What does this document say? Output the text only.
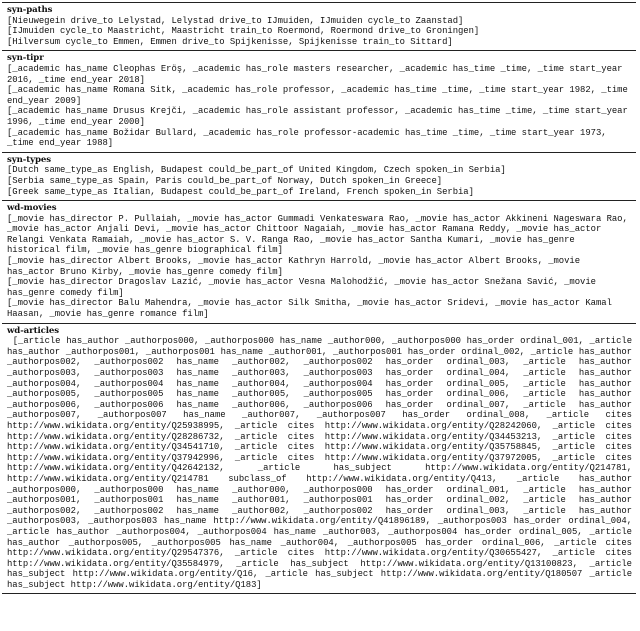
syn-paths
[Nieuwegein drive_to Lelystad, Lelystad drive_to IJmuiden, IJmuiden cycle_to Zaanstad]
[IJmuiden cycle_to Maastricht, Maastricht train_to Roermond, Roermond drive_to Groningen]
[Hilversum cycle_to Emmen, Emmen drive_to Spijkenisse, Spijkenisse train_to Sittard]
syn-tipr
[_academic has_name Cleophas Eröş, _academic has_role masters researcher, _academic has_time _time, _time start_year 2016, _time end_year 2018]
[_academic has_name Romana Sitk, _academic has_role professor, _academic has_time _time, _time start_year 1982, _time end_year 2009]
[_academic has_name Drusus Krejči, _academic has_role assistant professor, _academic has_time _time, _time start_year 1996, _time end_year 2000]
[_academic has_name Božidar Bullard, _academic has_role professor-academic has_time _time, _time start_year 1973, _time end_year 1988]
syn-types
[Dutch same_type_as English, Budapest could_be_part_of United Kingdom, Czech spoken_in Serbia]
[Serbia same_type_as Spain, Paris could_be_part_of Norway, Dutch spoken_in Greece]
[Greek same_type_as Italian, Budapest could_be_part_of Ireland, French spoken_in Serbia]
wd-movies
[_movie has_director P. Pullaiah, _movie has_actor Gummadi Venkateswara Rao, _movie has_actor Akkineni Nageswara Rao, _movie has_actor Anjali Devi, _movie has_actor Chittoor Nagaiah, _movie has_actor Ramana Reddy, _movie has_actor Relangi Venkata Ramaiah, _movie has_actor S. V. Ranga Rao, _movie has_actor Santha Kumari, _movie has_genre historical film, _movie has_genre biographical film]
[_movie has_director Albert Brooks, _movie has_actor Kathryn Harrold, _movie has_actor Albert Brooks, _movie has_actor Bruno Kirby, _movie has_genre comedy film]
[_movie has_director Dragoslav Lazić, _movie has_actor Vesna Malohodžić, _movie has_actor Snežana Savić, _movie has_genre comedy film]
[_movie has_director Balu Mahendra, _movie has_actor Silk Smitha, _movie has_actor Sridevi, _movie has_actor Kamal Haasan, _movie has_genre romance film]
wd-articles
[_article has_author _authorpos000, _authorpos000 has_name _author000, _authorpos000 has_order ordinal_001, _article has_author _authorpos001, _authorpos001 has_name _author001, _authorpos001 has_order ordinal_002, _article has_author _authorpos002, _authorpos002 has_name _author002, _authorpos002 has_order ordinal_003, _article has_author _authorpos003, _authorpos003 has_name _author003, _authorpos003 has_order ordinal_004, _article has_author _authorpos004, _authorpos004 has_name _author004, _authorpos004 has_order ordinal_005, _article has_author _authorpos005, _authorpos005 has_name _author005, _authorpos005 has_order ordinal_006, _article has_author _authorpos006, _authorpos006 has_name _author006, _authorpos006 has_order ordinal_007, _article has_author _authorpos007, _authorpos007 has_name _author007, _authorpos007 has_order ordinal_008, _article cites http://www.wikidata.org/entity/Q25938995, _article cites http://www.wikidata.org/entity/Q28242060, _article cites http://www.wikidata.org/entity/Q28286732, _article cites http://www.wikidata.org/entity/Q34453213, _article cites http://www.wikidata.org/entity/Q34541710, _article cites http://www.wikidata.org/entity/Q35758845, _article cites http://www.wikidata.org/entity/Q37942996, _article cites http://www.wikidata.org/entity/Q37972005, _article cites http://www.wikidata.org/entity/Q42642132, _article has_subject http://www.wikidata.org/entity/Q214781, http://www.wikidata.org/entity/Q214781 subclass_of http://www.wikidata.org/entity/Q413, _article has_author _authorpos000, _authorpos000 has_name _author000, _authorpos000 has_order ordinal_001, _article has_author _authorpos001, _authorpos001 has_name _author001, _authorpos001 has_order ordinal_002, _article has_author _authorpos002, _authorpos002 has_name _author002, _authorpos002 has_order ordinal_003, _article has_author _authorpos003, _authorpos003 has_name http://www.wikidata.org/entity/Q41896189, _authorpos003 has_order ordinal_004, _article has_author _authorpos004, _authorpos004 has_name _author003, _authorpos004 has_order ordinal_005, _article has_author _authorpos005, _authorpos005 has_name _author004, _authorpos005 has_order ordinal_006, _article cites http://www.wikidata.org/entity/Q29547376, _article cites http://www.wikidata.org/entity/Q30655427, _article cites http://www.wikidata.org/entity/Q35584979, _article has_subject http://www.wikidata.org/entity/Q13100823, _article has_subject http://www.wikidata.org/entity/Q16, _article has_subject http://www.wikidata.org/entity/Q180507 _article has_subject http://www.wikidata.org/entity/Q183]
